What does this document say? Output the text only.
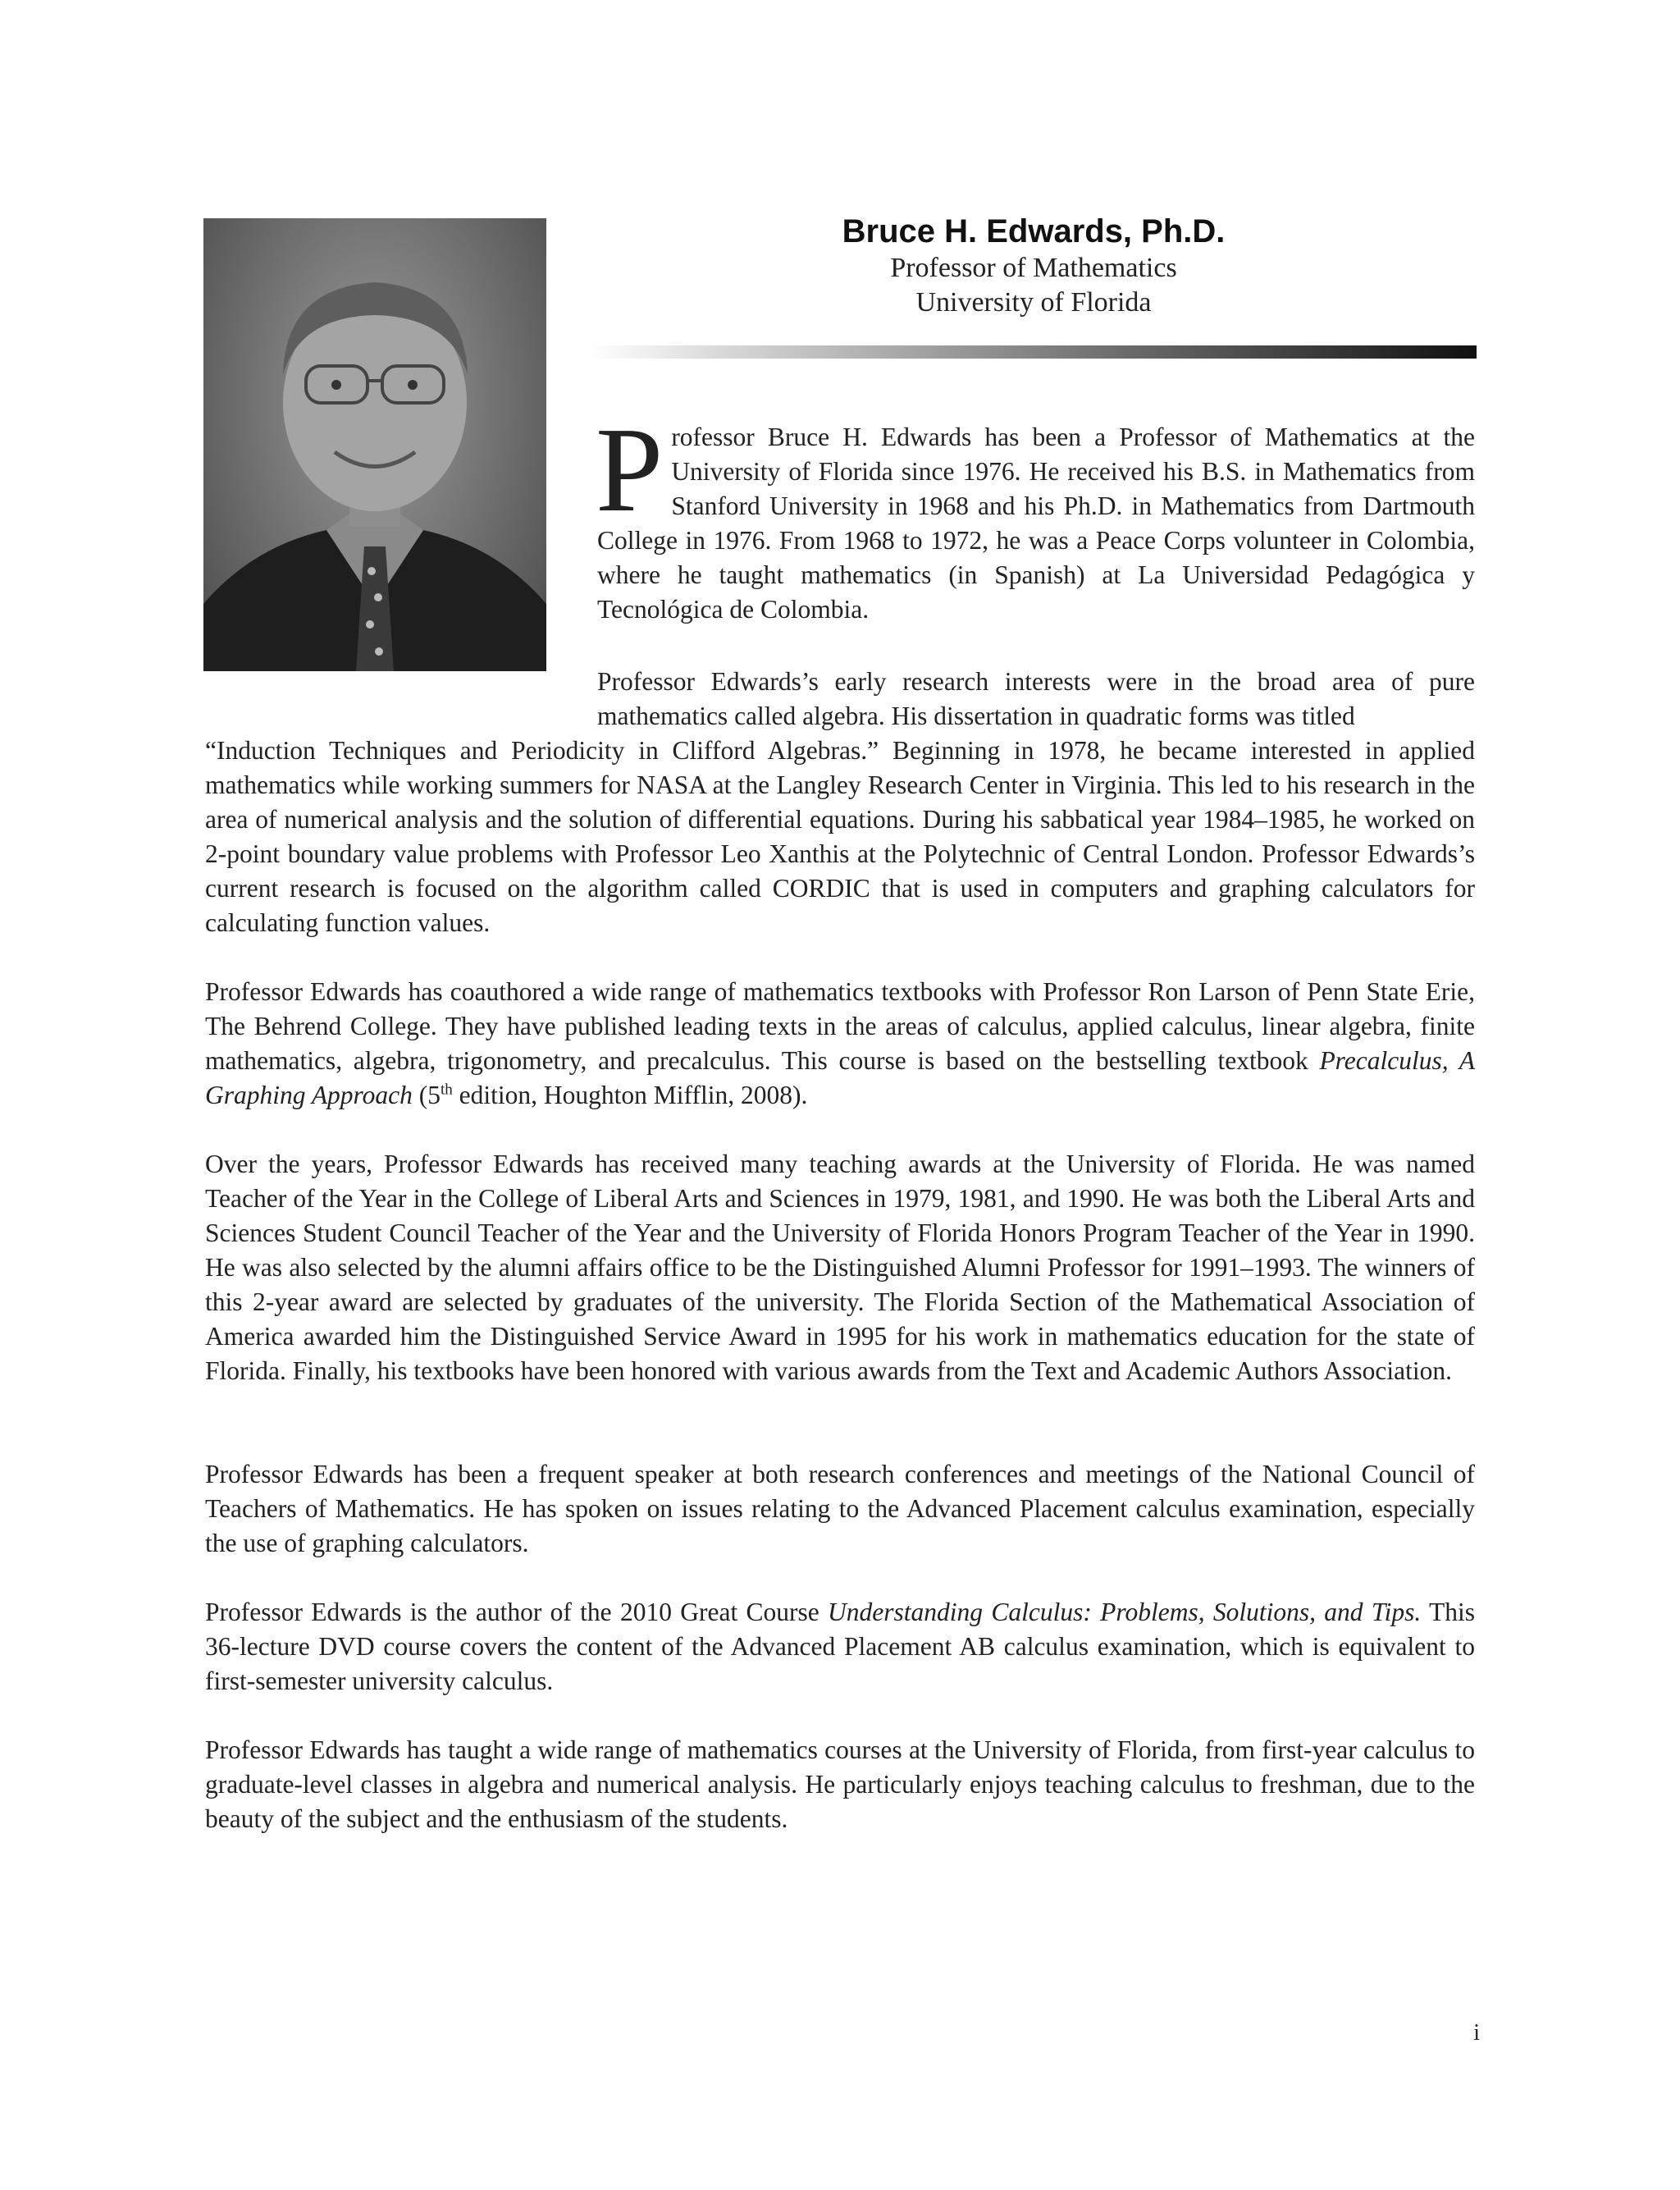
Bruce H. Edwards, Ph.D.
Professor of Mathematics
University of Florida

Professor Bruce H. Edwards has been a Professor of Mathematics at the University of Florida since 1976. He received his B.S. in Mathematics from Stanford University in 1968 and his Ph.D. in Mathematics from Dartmouth College in 1976. From 1968 to 1972, he was a Peace Corps volunteer in Colombia, where he taught mathematics (in Spanish) at La Universidad Pedagógica y Tecnológica de Colombia.

Professor Edwards’s early research interests were in the broad area of pure mathematics called algebra. His dissertation in quadratic forms was titled

“Induction Techniques and Periodicity in Clifford Algebras.” Beginning in 1978, he became interested in applied mathematics while working summers for NASA at the Langley Research Center in Virginia. This led to his research in the area of numerical analysis and the solution of differential equations. During his sabbatical year 1984–1985, he worked on 2-point boundary value problems with Professor Leo Xanthis at the Polytechnic of Central London. Professor Edwards’s current research is focused on the algorithm called CORDIC that is used in computers and graphing calculators for calculating function values.

Professor Edwards has coauthored a wide range of mathematics textbooks with Professor Ron Larson of Penn State Erie, The Behrend College. They have published leading texts in the areas of calculus, applied calculus, linear algebra, finite mathematics, algebra, trigonometry, and precalculus. This course is based on the bestselling textbook Precalculus, A Graphing Approach (5th edition, Houghton Mifflin, 2008).

Over the years, Professor Edwards has received many teaching awards at the University of Florida. He was named Teacher of the Year in the College of Liberal Arts and Sciences in 1979, 1981, and 1990. He was both the Liberal Arts and Sciences Student Council Teacher of the Year and the University of Florida Honors Program Teacher of the Year in 1990. He was also selected by the alumni affairs office to be the Distinguished Alumni Professor for 1991–1993. The winners of this 2-year award are selected by graduates of the university. The Florida Section of the Mathematical Association of America awarded him the Distinguished Service Award in 1995 for his work in mathematics education for the state of Florida. Finally, his textbooks have been honored with various awards from the Text and Academic Authors Association.

Professor Edwards has been a frequent speaker at both research conferences and meetings of the National Council of Teachers of Mathematics. He has spoken on issues relating to the Advanced Placement calculus examination, especially the use of graphing calculators.

Professor Edwards is the author of the 2010 Great Course Understanding Calculus: Problems, Solutions, and Tips. This 36-lecture DVD course covers the content of the Advanced Placement AB calculus examination, which is equivalent to first-semester university calculus.

Professor Edwards has taught a wide range of mathematics courses at the University of Florida, from first-year calculus to graduate-level classes in algebra and numerical analysis. He particularly enjoys teaching calculus to freshman, due to the beauty of the subject and the enthusiasm of the students.

i
